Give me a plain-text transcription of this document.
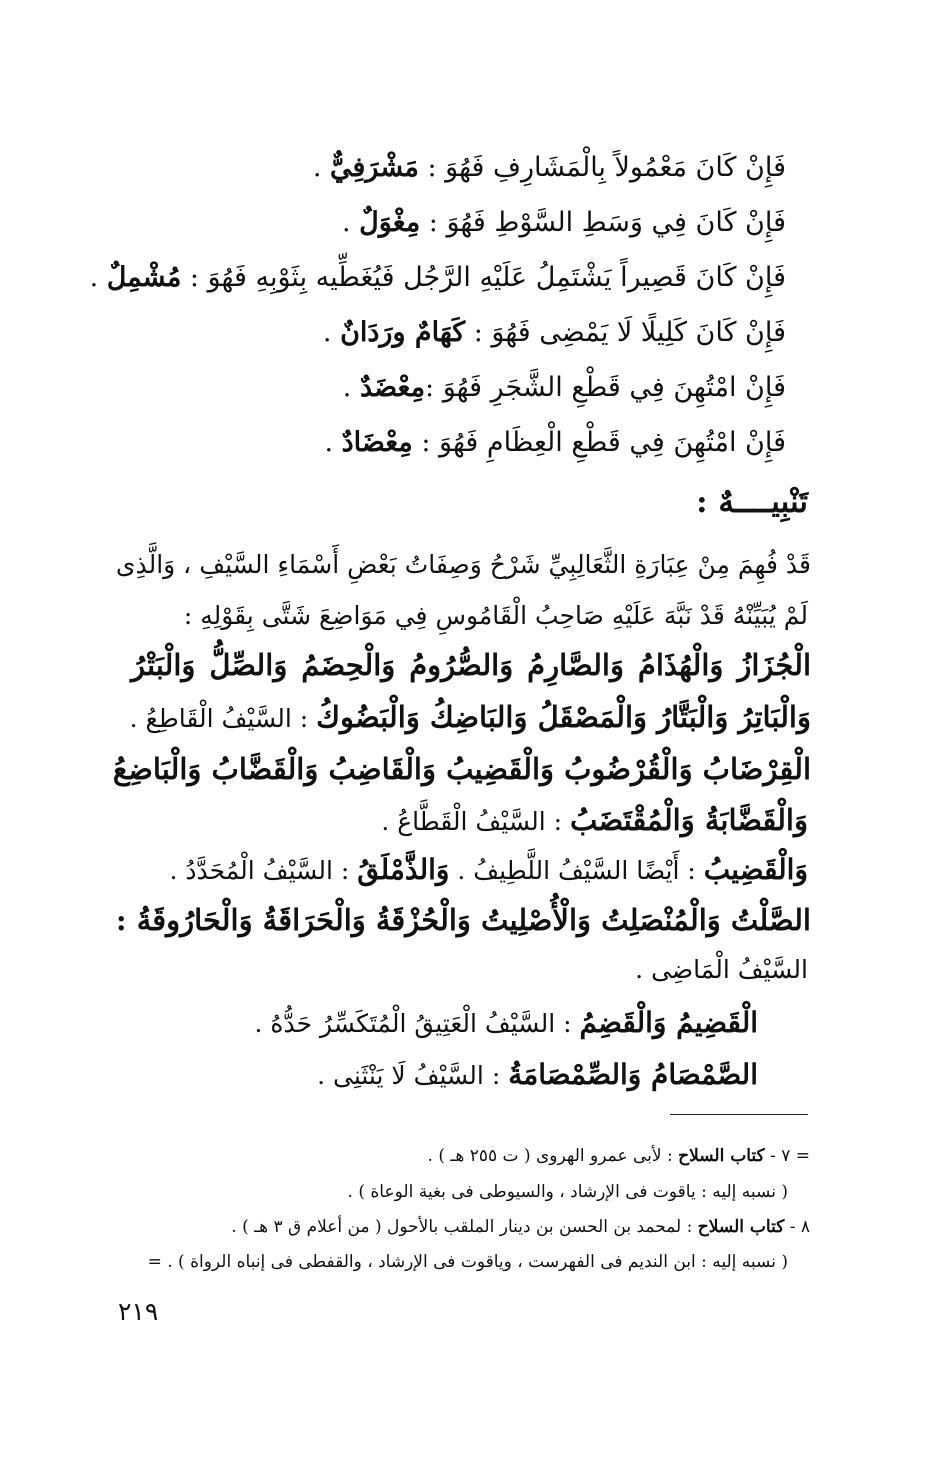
فَإِنْ كَانَ مَعْمُولاً بِالْمَشَارِفِ فَهُوَ : مَشْرَفِيٌّ .
فَإِنْ كَانَ فِي وَسَطِ السَّوْطِ فَهُوَ : مِغْوَلٌ .
فَإِنْ كَانَ قَصِيراً يَشْتَمِلُ عَلَيْهِ الرَّجُل فَيُغَطِّيه بِثَوْبِهِ فَهُوَ : مُشْمِلٌ .
فَإِنْ كَانَ كَلِيلًا لَا يَمْضِى فَهُوَ : كَهَامٌ ورَدَانٌ .
فَإِنْ امْتُهِنَ فِي قَطْعِ الشَّجَرِ فَهُوَ :مِعْضَدٌ .
فَإِنْ امْتُهِنَ فِي قَطْعِ الْعِظَامِ فَهُوَ : مِعْضَادٌ .
تَنْبِيــــهٌ :
قَدْ فُهِمَ مِنْ عِبَارَةِ الثَّعَالِبِيِّ شَرْحُ وَصِفَاتُ بَعْضِ أَسْمَاءِ السَّيْفِ ، وَالَّذِى
لَمْ يُبَيِّنْهُ قَدْ نَبَّهَ عَلَيْهِ صَاحِبُ الْقَامُوسِ فِي مَوَاضِعَ شَتَّى بِقَوْلِهِ :
الْجُزَازُ وَالْهُذَامُ وَالصَّارِمُ وَالصُّرُومُ وَالْحِضَمُ وَالصِّلُّ وَالْبَتْرُ
وَالْبَاتِرُ وَالْبَتَّارُ وَالْمَصْقَلُ وَالبَاضِكُ وَالْبَضُوكُ : السَّيْفُ الْقَاطِعُ .
الْقِرْضَابُ وَالْقُرْضُوبُ وَالْقَضِيبُ وَالْقَاضِبُ وَالْقَضَّابُ وَالْبَاضِعُ
وَالْقَضَّابَةُ وَالْمُقْتَضَبُ : السَّيْفُ الْقَطَّاعُ .
وَالْقَضِيبُ : أَيْضًا السَّيْفُ اللَّطِيفُ . وَالذَّمْلَقُ : السَّيْفُ الْمُحَدَّدُ .
الصَّلْتُ وَالْمُنْصَلِتُ وَالْأُصْلِيتُ وَالْحُزْقَةُ وَالْحَرَاقَةُ وَالْحَارُوقَةُ :
السَّيْفُ الْمَاضِى .
الْقَضِيمُ وَالْقَضِمُ : السَّيْفُ الْعَتِيقُ الْمُتَكَسِّرُ حَدُّهُ .
الصَّمْصَامُ وَالصِّمْصَامَةُ : السَّيْفُ لَا يَنْثَنِى .
= ٧ - كتاب السلاح : لأبى عمرو الهروى ( ت ٢٥٥ هـ ) .
( نسبه إليه : ياقوت فى الإرشاد ، والسيوطى فى بغية الوعاة ) .
٨ - كتاب السلاح : لمحمد بن الحسن بن دينار الملقب بالأحول ( من أعلام ق ٣ هـ ) .
( نسبه إليه : ابن النديم فى الفهرست ، وياقوت فى الإرشاد ، والقفطى فى إنباه الرواة ) . =
٢١٩
